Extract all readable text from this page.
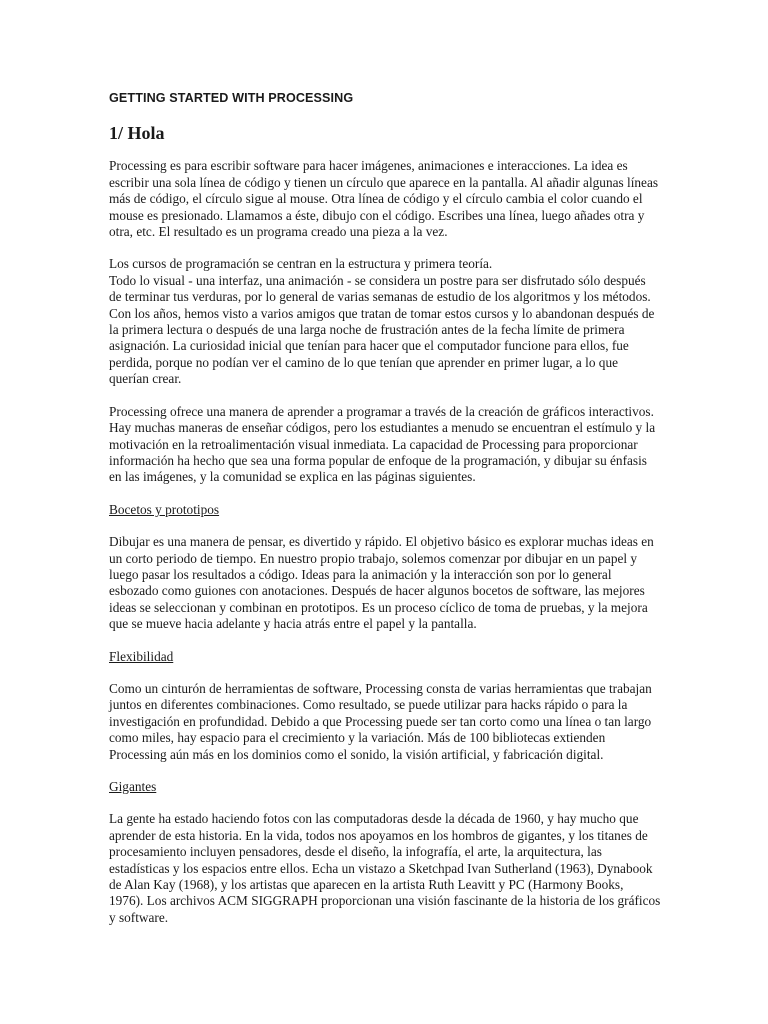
GETTING STARTED WITH PROCESSING
1/ Hola

Processing es para escribir software para hacer imágenes, animaciones e interacciones. La idea es escribir una sola línea de código y tienen un círculo que aparece en la pantalla. Al añadir algunas líneas más de código, el círculo sigue al mouse. Otra línea de código y el círculo cambia el color cuando el mouse es presionado. Llamamos a éste, dibujo con el código. Escribes una línea, luego añades otra y otra, etc. El resultado es un programa creado una pieza a la vez.

Los cursos de programación se centran en la estructura y primera teoría.
Todo lo visual - una interfaz, una animación - se considera un postre para ser disfrutado sólo después de terminar tus verduras, por lo general de varias semanas de estudio de los algoritmos y los métodos. Con los años, hemos visto a varios amigos que tratan de tomar estos cursos y lo abandonan después de la primera lectura o después de una larga noche de frustración antes de la fecha límite de primera asignación. La curiosidad inicial que tenían para hacer que el computador funcione para ellos, fue perdida, porque no podían ver el camino de lo que tenían que aprender en primer lugar, a lo que querían crear.

Processing ofrece una manera de aprender a programar a través de la creación de gráficos interactivos. Hay muchas maneras de enseñar códigos, pero los estudiantes a menudo se encuentran el estímulo y la motivación en la retroalimentación visual inmediata. La capacidad de Processing para proporcionar información ha hecho que sea una forma popular de enfoque de la programación, y dibujar su énfasis en las imágenes, y la comunidad se explica en las páginas siguientes.

Bocetos y prototipos

Dibujar es una manera de pensar, es divertido y rápido. El objetivo básico es explorar muchas ideas en un corto periodo de tiempo. En nuestro propio trabajo, solemos comenzar por dibujar en un papel y luego pasar los resultados a código. Ideas para la animación y la interacción son por lo general esbozado como guiones con anotaciones. Después de hacer algunos bocetos de software, las mejores ideas se seleccionan y combinan en prototipos. Es un proceso cíclico de toma de pruebas, y la mejora que se mueve hacia adelante y hacia atrás entre el papel y la pantalla.

Flexibilidad

Como un cinturón de herramientas de software, Processing consta de varias herramientas que trabajan juntos en diferentes combinaciones. Como resultado, se puede utilizar para hacks rápido o para la investigación en profundidad. Debido a que Processing puede ser tan corto como una línea o tan largo como miles, hay espacio para el crecimiento y la variación. Más de 100 bibliotecas extienden Processing aún más en los dominios como el sonido, la visión artificial, y fabricación digital.

Gigantes

La gente ha estado haciendo fotos con las computadoras desde la década de 1960, y hay mucho que aprender de esta historia. En la vida, todos nos apoyamos en los hombros de gigantes, y los titanes de procesamiento incluyen pensadores, desde el diseño, la infografía, el arte, la arquitectura, las estadísticas y los espacios entre ellos. Echa un vistazo a Sketchpad Ivan Sutherland (1963), Dynabook de Alan Kay (1968), y los artistas que aparecen en la artista Ruth Leavitt y PC (Harmony Books, 1976). Los archivos ACM SIGGRAPH proporcionan una visión fascinante de la historia de los gráficos y software.
